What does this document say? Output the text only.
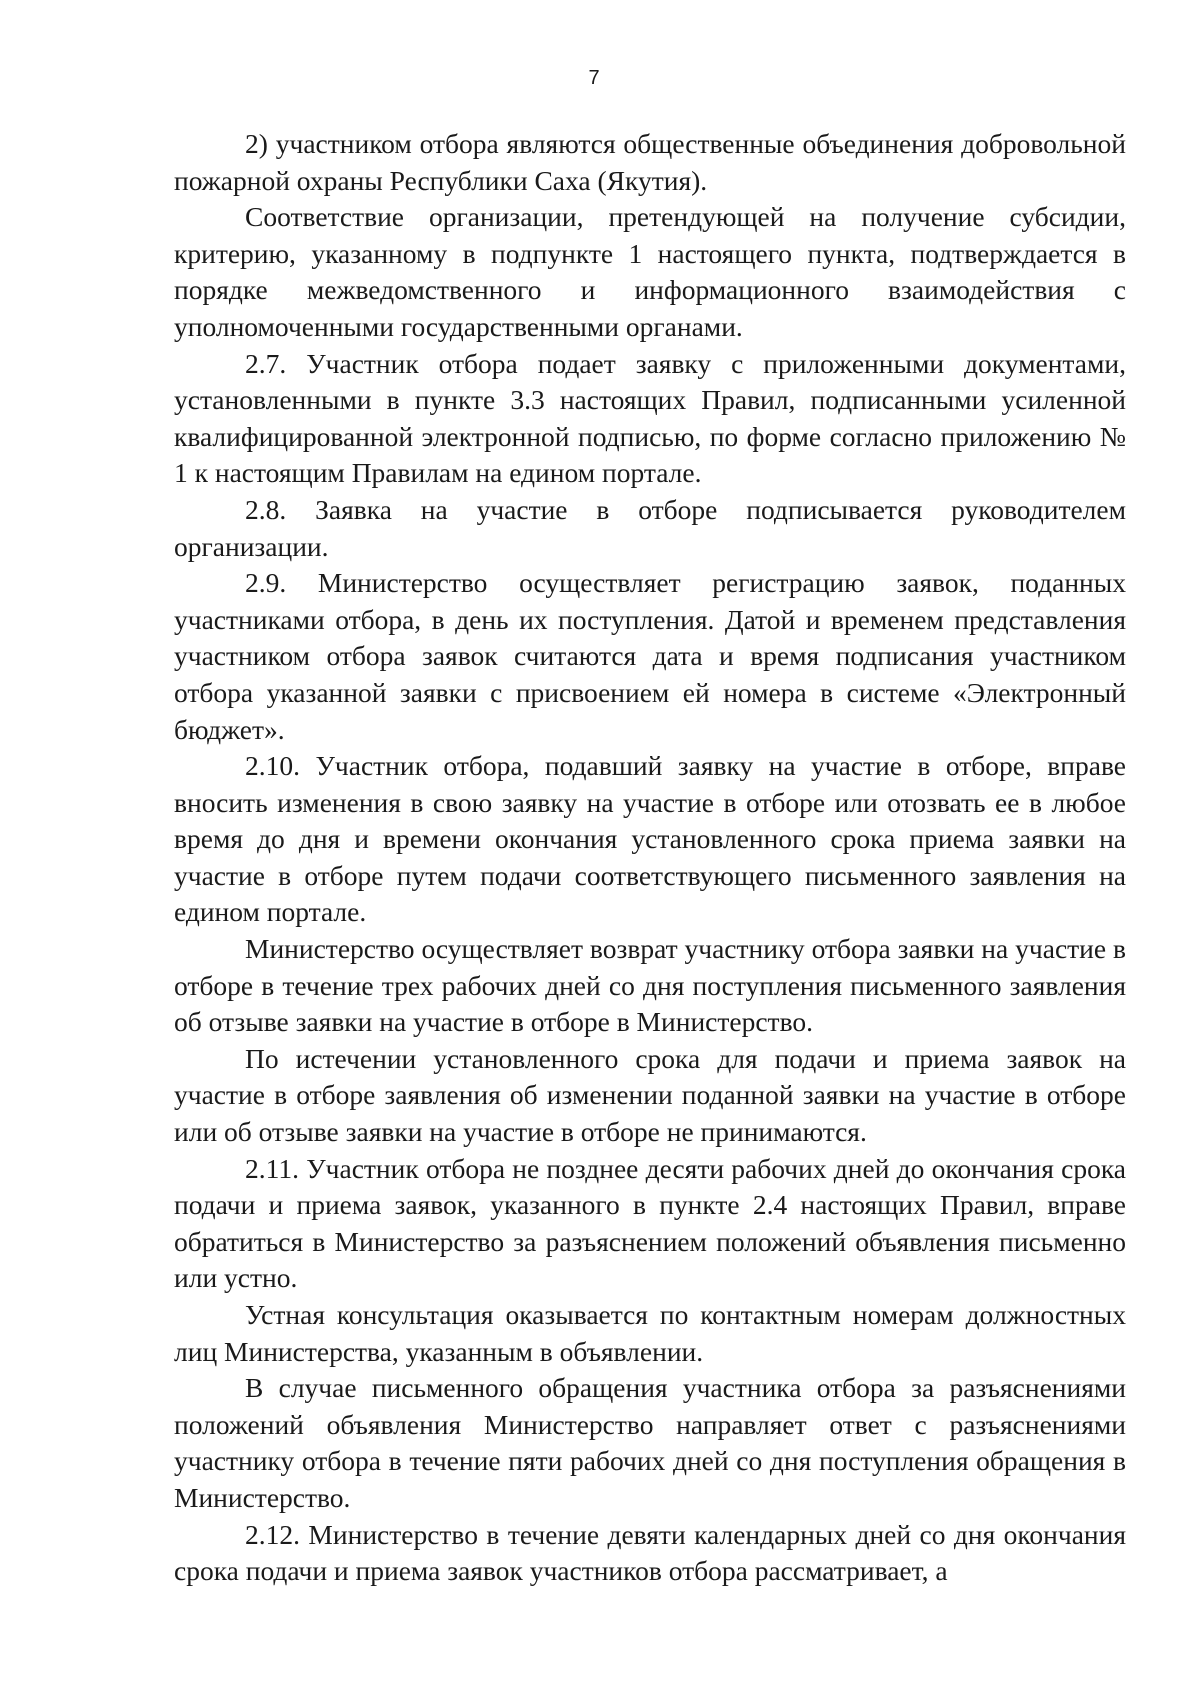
7

2) участником отбора являются общественные объединения добровольной пожарной охраны Республики Саха (Якутия).

Соответствие организации, претендующей на получение субсидии, критерию, указанному в подпункте 1 настоящего пункта, подтверждается в порядке межведомственного и информационного взаимодействия с уполномоченными государственными органами.

2.7. Участник отбора подает заявку с приложенными документами, установленными в пункте 3.3 настоящих Правил, подписанными усиленной квалифицированной электронной подписью, по форме согласно приложению № 1 к настоящим Правилам на едином портале.

2.8. Заявка на участие в отборе подписывается руководителем организации.

2.9. Министерство осуществляет регистрацию заявок, поданных участниками отбора, в день их поступления. Датой и временем представления участником отбора заявок считаются дата и время подписания участником отбора указанной заявки с присвоением ей номера в системе «Электронный бюджет».

2.10. Участник отбора, подавший заявку на участие в отборе, вправе вносить изменения в свою заявку на участие в отборе или отозвать ее в любое время до дня и времени окончания установленного срока приема заявки на участие в отборе путем подачи соответствующего письменного заявления на едином портале.

Министерство осуществляет возврат участнику отбора заявки на участие в отборе в течение трех рабочих дней со дня поступления письменного заявления об отзыве заявки на участие в отборе в Министерство.

По истечении установленного срока для подачи и приема заявок на участие в отборе заявления об изменении поданной заявки на участие в отборе или об отзыве заявки на участие в отборе не принимаются.

2.11. Участник отбора не позднее десяти рабочих дней до окончания срока подачи и приема заявок, указанного в пункте 2.4 настоящих Правил, вправе обратиться в Министерство за разъяснением положений объявления письменно или устно.

Устная консультация оказывается по контактным номерам должностных лиц Министерства, указанным в объявлении.

В случае письменного обращения участника отбора за разъяснениями положений объявления Министерство направляет ответ с разъяснениями участнику отбора в течение пяти рабочих дней со дня поступления обращения в Министерство.

2.12. Министерство в течение девяти календарных дней со дня окончания срока подачи и приема заявок участников отбора рассматривает, а
